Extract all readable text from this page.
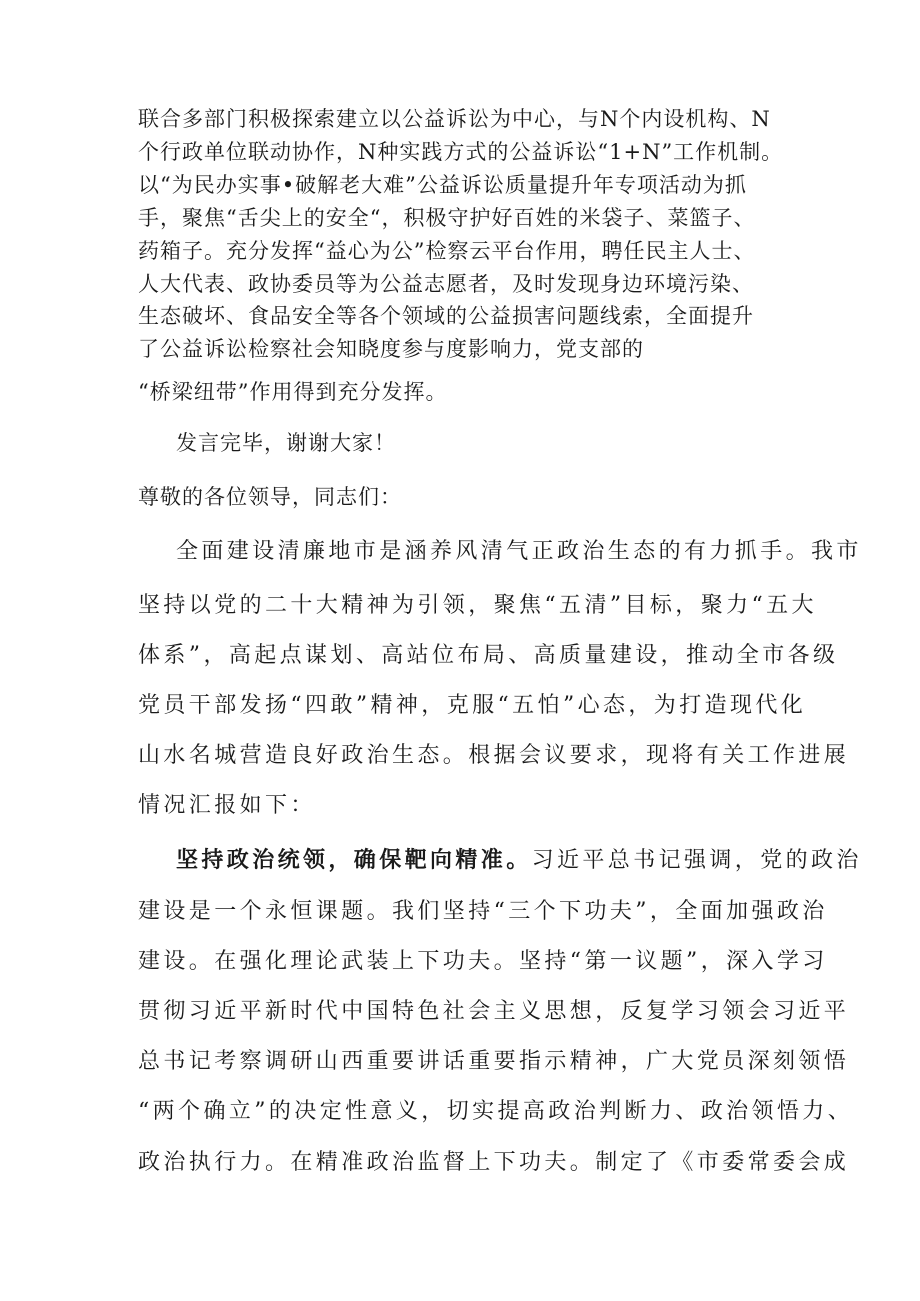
联合多部门积极探索建立以公益诉讼为中心，与N个内设机构、N

个行政单位联动协作，N种实践方式的公益诉讼“1+N”工作机制。

以“为民办实事•破解老大难”公益诉讼质量提升年专项活动为抓

手，聚焦“舌尖上的安全“，积极守护好百姓的米袋子、菜篮子、

药箱子。充分发挥“益心为公”检察云平台作用，聘任民主人士、

人大代表、政协委员等为公益志愿者，及时发现身边环境污染、

生态破坏、食品安全等各个领域的公益损害问题线索，全面提升

了公益诉讼检察社会知晓度参与度影响力，党支部的

“桥梁纽带”作用得到充分发挥。

发言完毕，谢谢大家！

尊敬的各位领导，同志们：

全面建设清廉地市是涵养风清气正政治生态的有力抓手。我市

坚持以党的二十大精神为引领，聚焦“五清”目标，聚力“五大

体系”，高起点谋划、高站位布局、高质量建设，推动全市各级

党员干部发扬“四敢”精神，克服“五怕”心态，为打造现代化

山水名城营造良好政治生态。根据会议要求，现将有关工作进展

情况汇报如下：

坚持政治统领，确保靶向精准。习近平总书记强调，党的政治

建设是一个永恒课题。我们坚持“三个下功夫”，全面加强政治

建设。在强化理论武装上下功夫。坚持“第一议题”，深入学习

贯彻习近平新时代中国特色社会主义思想，反复学习领会习近平

总书记考察调研山西重要讲话重要指示精神，广大党员深刻领悟

“两个确立”的决定性意义，切实提高政治判断力、政治领悟力、

政治执行力。在精准政治监督上下功夫。制定了《市委常委会成
